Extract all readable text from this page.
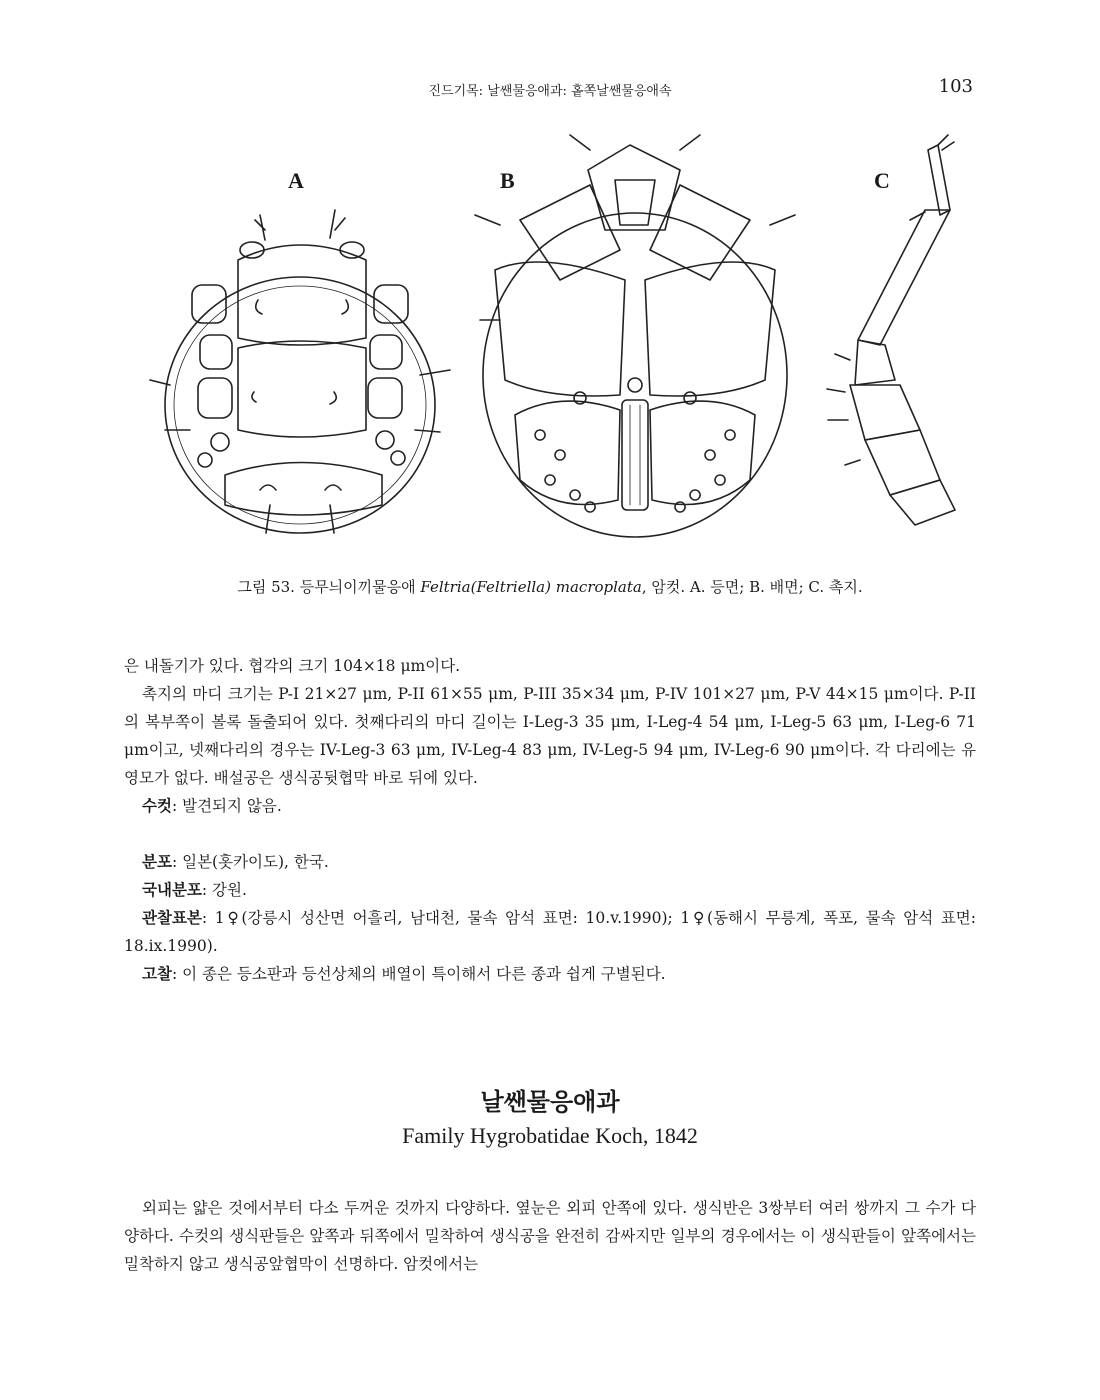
진드기목: 날쌘물응애과: 홑쪽날쌘물응애속	103
A	B	C
그림 53. 등무늬이끼물응애 Feltria(Feltriella) macroplata, 암컷. A. 등면; B. 배면; C. 촉지.

은 내돌기가 있다. 협각의 크기 104×18 μm이다.

촉지의 마디 크기는 P-I 21×27 μm, P-II 61×55 μm, P-III 35×34 μm, P-IV 101×27 μm, P-V 44×15 μm이다. P-II의 복부쪽이 볼록 돌출되어 있다. 첫째다리의 마디 길이는 I-Leg-3 35 μm, I-Leg-4 54 μm, I-Leg-5 63 μm, I-Leg-6 71 μm이고, 넷째다리의 경우는 IV-Leg-3 63 μm, IV-Leg-4 83 μm, IV-Leg-5 94 μm, IV-Leg-6 90 μm이다. 각 다리에는 유영모가 없다. 배설공은 생식공뒷협막 바로 뒤에 있다.

수컷: 발견되지 않음.

분포: 일본(홋카이도), 한국.

국내분포: 강원.

관찰표본: 1♀(강릉시 성산면 어흘리, 남대천, 물속 암석 표면: 10.v.1990); 1♀(동해시 무릉계, 폭포, 물속 암석 표면: 18.ix.1990).

고찰: 이 종은 등소판과 등선상체의 배열이 특이해서 다른 종과 쉽게 구별된다.

날쌘물응애과
Family Hygrobatidae Koch, 1842

외피는 얇은 것에서부터 다소 두꺼운 것까지 다양하다. 옆눈은 외피 안쪽에 있다. 생식반은 3쌍부터 여러 쌍까지 그 수가 다양하다. 수컷의 생식판들은 앞쪽과 뒤쪽에서 밀착하여 생식공을 완전히 감싸지만 일부의 경우에서는 이 생식판들이 앞쪽에서는 밀착하지 않고 생식공앞협막이 선명하다. 암컷에서는
